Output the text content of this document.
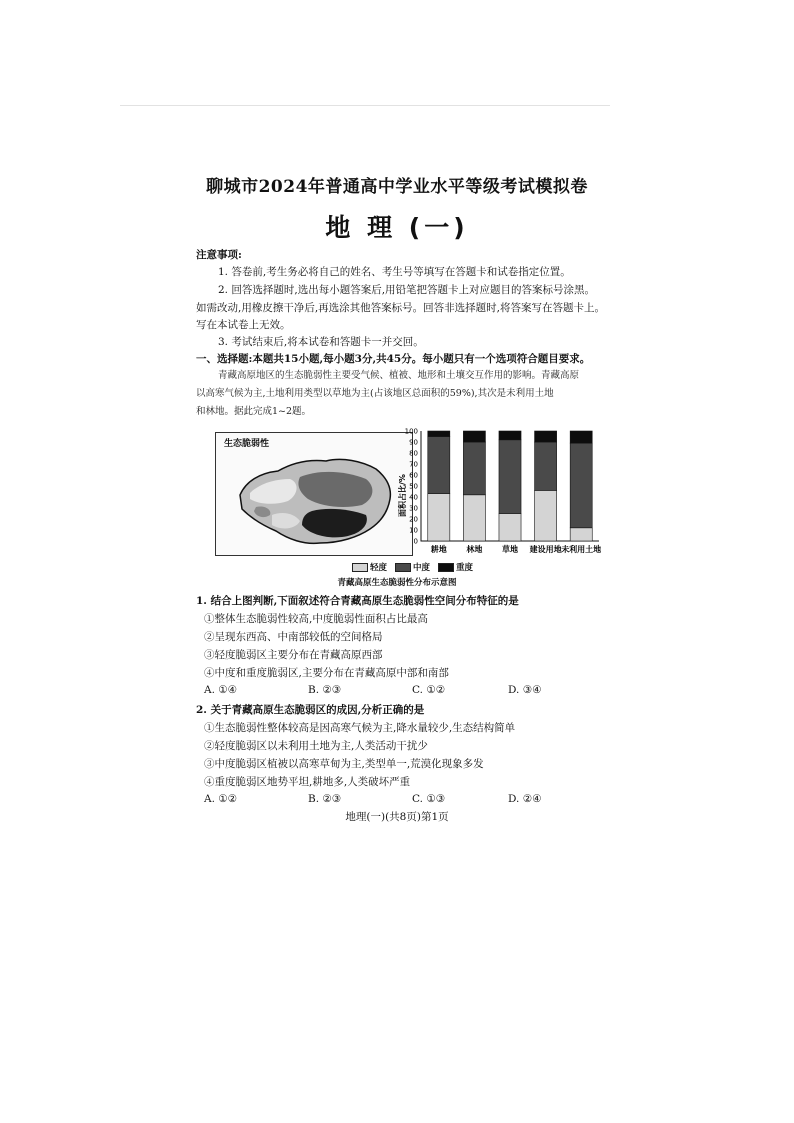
聊城市2024年普通高中学业水平等级考试模拟卷
地 理 (一)
注意事项:
1. 答卷前,考生务必将自己的姓名、考生号等填写在答题卡和试卷指定位置。
2. 回答选择题时,选出每小题答案后,用铅笔把答题卡上对应题目的答案标号涂黑。
如需改动,用橡皮擦干净后,再选涂其他答案标号。回答非选择题时,将答案写在答题卡上。
写在本试卷上无效。
3. 考试结束后,将本试卷和答题卡一并交回。
一、选择题:本题共15小题,每小题3分,共45分。每小题只有一个选项符合题目要求。
青藏高原地区的生态脆弱性主要受气候、植被、地形和土壤交互作用的影响。青藏高原
以高寒气候为主,土地利用类型以草地为主(占该地区总面积的59%),其次是未利用土地
和林地。据此完成1~2题。
生态脆弱性
0
10
20
30
40
50
60
70
80
90
100
耕地 林地 草地 建设用地 未利用土地
面积占比/%
轻度	中度	重度
青藏高原生态脆弱性分布示意图
1. 结合上图判断,下面叙述符合青藏高原生态脆弱性空间分布特征的是
①整体生态脆弱性较高,中度脆弱性面积占比最高
②呈现东西高、中南部较低的空间格局
③轻度脆弱区主要分布在青藏高原西部
④中度和重度脆弱区,主要分布在青藏高原中部和南部
A. ①④	B. ②③	C. ①②	D. ③④
2. 关于青藏高原生态脆弱区的成因,分析正确的是
①生态脆弱性整体较高是因高寒气候为主,降水量较少,生态结构简单
②轻度脆弱区以未利用土地为主,人类活动干扰少
③中度脆弱区植被以高寒草甸为主,类型单一,荒漠化现象多发
④重度脆弱区地势平坦,耕地多,人类破坏严重
A. ①②	B. ②③	C. ①③	D. ②④
地理(一)(共8页)第1页
